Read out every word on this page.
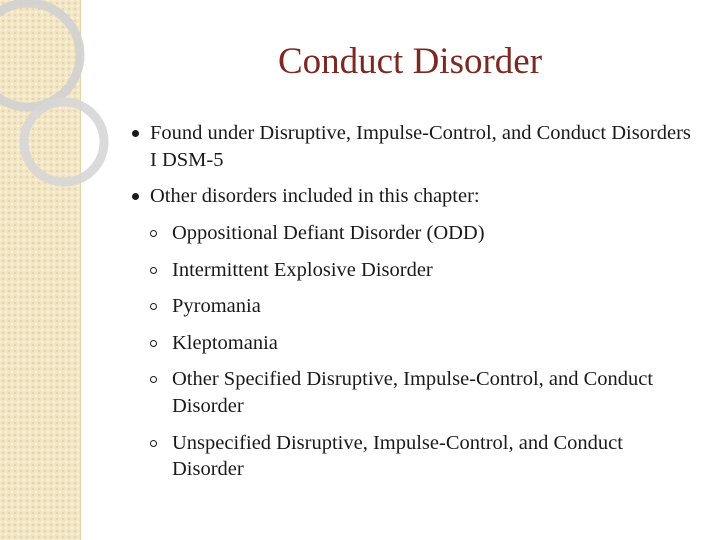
Conduct Disorder
Found under Disruptive, Impulse-Control, and Conduct Disorders I DSM-5
Other disorders included in this chapter:
Oppositional Defiant Disorder (ODD)
Intermittent Explosive Disorder
Pyromania
Kleptomania
Other Specified Disruptive, Impulse-Control, and Conduct Disorder
Unspecified Disruptive, Impulse-Control, and Conduct Disorder
